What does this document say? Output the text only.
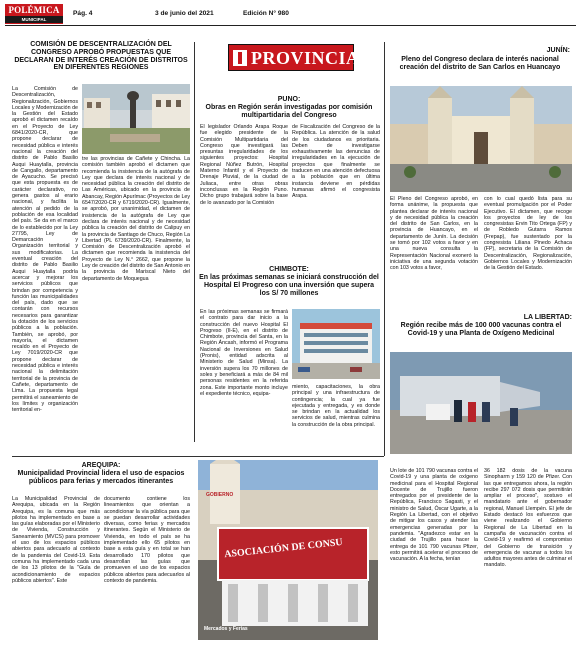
POLÉMICA
MUNICIPAL
Pág. 4	3 de junio del 2021	Edición N° 980
COMISIÓN DE DESCENTRALIZACIÓN DEL CONGRESO APROBÓ PROPUESTAS QUE DECLARAN DE INTERÉS CREACIÓN DE DISTRITOS EN DIFERENTES REGIONES
La Comisión de Descentralización, Regionalización, Gobiernos Locales y Modernización de la Gestión del Estado aprobó el dictamen recaído en el Proyecto de Ley 6841/2020-CR, que propone declarar de necesidad pública e interés nacional la creación del distrito de Pablo Basilio Auqui Huaytalla, provincia de Cangallo, departamento de Ayacucho. Se precisó que esta propuesta es de carácter declarativo, no genera gastos al erario nacional, y facilita la atención al pedido de la población de esa localidad del país. Se da en el marco de lo establecido por la Ley 27795, Ley de Demarcación y Organización territorial y sus modificatorias. La eventual creación del distrito de Pablo Basilio Auqui Huaytalla podría acercar y mejorar los servicios públicos que brindan por competencia y función las municipalidades del país, dado que se contarán con recursos necesarios para garantizar la dotación de los servicios públicos a la población. También, se aprobó, por mayoría, el dictamen recaído en el Proyecto de Ley 7019/2020-CR que propone declarar de necesidad pública e interés nacional la delimitación territorial de la provincia de Cañete, departamento de Lima. La propuesta legal permitirá el saneamiento de los límites y organización territorial en-
tre las provincias de Cañete y Chincha. La comisión también aprobó el dictamen que recomienda la insistencia de la autógrafa de Ley que declara de interés nacional y de necesidad pública la creación del distrito de Las Américas, ubicado en la provincia de Abancay, Región Apurímac (Proyectos de Ley 6547/2020-CR y 6719/2020-CR). Igualmente, se aprobó, por unanimidad, el dictamen de insistencia de la autógrafa de Ley que declara de interés nacional y de necesidad pública la creación del distrito de Calipuy en la provincia de Santiago de Chuco, Región La Libertad (PL 6739/2020-CR). Finalmente, la Comisión de Descentralización aprobó el dictamen que recomienda la insistencia del Proyecto de Ley N.° 2662, que propone la Ley de creación del distrito de San Antonio en la provincia de Mariscal Nieto del departamento de Moquegua
PROVINCIAS
PUNO:
Obras en Región serán investigadas por comisión multipartidaria del Congreso
El legislador Orlando Arapa Roque fue elegido presidente de la Comisión Multipartidaria del Congreso que investigará las presuntas irregularidades de los siguientes proyectos: Hospital Regional Núñez Butrón, Hospital Materno Infantil y el Proyecto de Drenaje Pluvial, de la ciudad de Juliaca, entre otras obras inconclusas en la Región Puno. Dicho grupo trabajará sobre la base de lo avanzado por la Comisión
de Fiscalización del Congreso de la República. La atención de la salud de los ciudadanos es prioritaria. Deben de investigarse exhaustivamente las denuncias de irregularidades en la ejecución de proyectos que finalmente se traducen en una atención defectuosa a la población que en última instancia deviene en pérdidas humanas afirmó el congresista Arapa.
CHIMBOTE:
En las próximas semanas se iniciará construcción del Hospital El Progreso con una inversión que supera los S/ 70 millones
En las próximas semanas se firmará el contrato para dar inicio a la construcción del nuevo Hospital El Progreso (II-E), en el distrito de Chimbote, provincia del Santa, en la Región Áncash, informó el Programa Nacional de Inversiones en Salud (Pronis), entidad adscrita al Ministerio de Salud (Minsa). La inversión supera los 70 millones de soles y beneficiará a más de 84 mil personas residentes en la referida zona. Este importante monto incluye el expediente técnico, equipa-
miento, capacitaciones, la obra principal y una infraestructura de contingencia; la cual ya fue ejecutada y entregada, y es donde se brindan en la actualidad los servicios de salud, mientras culmina la construcción de la obra principal.
JUNÍN:
Pleno del Congreso declara de interés nacional creación del distrito de San Carlos en Huancayo
El Pleno del Congreso aprobó, en forma unánime, la propuesta que plantea declarar de interés nacional y de necesidad pública la creación del distrito de San Carlos, en la provincia de Huancayo, en el departamento de Junín. La decisión se tomó por 102 votos a favor y en una nueva consulta la Representación Nacional exoneró la iniciativa de una segunda votación con 103 votos a favor,
con lo cual quedó lista para su eventual promulgación por el Poder Ejecutivo. El dictamen, que recoge los proyectos de ley de los congresistas Ervin Tito Ortega (FP) y de Robledo Gutarra Ramos (Frepap), fue sustentado por la congresista Liliana Pinedo Achaca (FP), secretaria de la Comisión de Descentralización, Regionalización, Gobiernos Locales y Modernización de la Gestión del Estado.
LA LIBERTAD:
Región recibe más de 100 000 vacunas contra el Covid-19 y una Planta de Oxígeno Medicinal
AREQUIPA:
Municipalidad Provincial lidera el uso de espacios públicos para ferias y mercados itinerantes
La Municipalidad Provincial de Arequipa, ubicada en la Región Arequipa, es la comuna que más pilotos ha implementado en base a las guías elaboradas por el Ministerio de Vivienda, Construcción y Saneamiento (MVCS) para promover el uso de los espacios públicos abiertos para adecuarlo al contexto de la pandemia del Covid-19. Esta comuna ha implementado cada una de los 13 pilotos de la "Guía de acondicionamiento de espacios públicos abiertos". Este
documento contiene los lineamientos que orientan a acondicionar la vía pública para que se puedan desarrollar actividades diversas, como ferias y mercados itinerantes. Según el Ministerio de Vivienda, en todo el país se ha implementado ello 65 pilotos en base a esta guía y en total se han desarrollado 170 pilotos que desarrollan las guías que promueven el uso de los espacios públicos abiertos para adecuarlos al contexto de pandemia.
ASOCIACIÓN DE CONSU
GOBIERNO
Mercados y Ferias
Un lote de 101 790 vacunas contra el Covid-19 y una planta de oxígeno medicinal para el Hospital Regional Docente de Trujillo fueron entregados por el presidente de la República, Francisco Sagasti, y el ministro de Salud, Óscar Ugarte, a la Región La Libertad, con el objetivo de mitigar los casos y atender las emergencias generadas por la pandemia. "Agradezco estar en la ciudad de Trujillo para hacer la entrega de 101 790 vacunas Pfizer, esto permitirá acelerar el proceso de vacunación. A la fecha, tenían
36 182 dosis de la vacuna Sinopharm y 159 120 de Pfizer. Con las que entregamos ahora, la región recibe 297 072 dosis que permitirán ampliar el proceso", sostuvo el mandatario ante el gobernador regional, Manuel Llempén. El jefe de Estado destacó los esfuerzos que viene realizando el Gobierno Regional de La Libertad en la campaña de vacunación contra el Covid-19 y reafirmó el compromiso del Gobierno de transición y emergencia de vacunar a todos los adultos mayores antes de culminar el mandato.
